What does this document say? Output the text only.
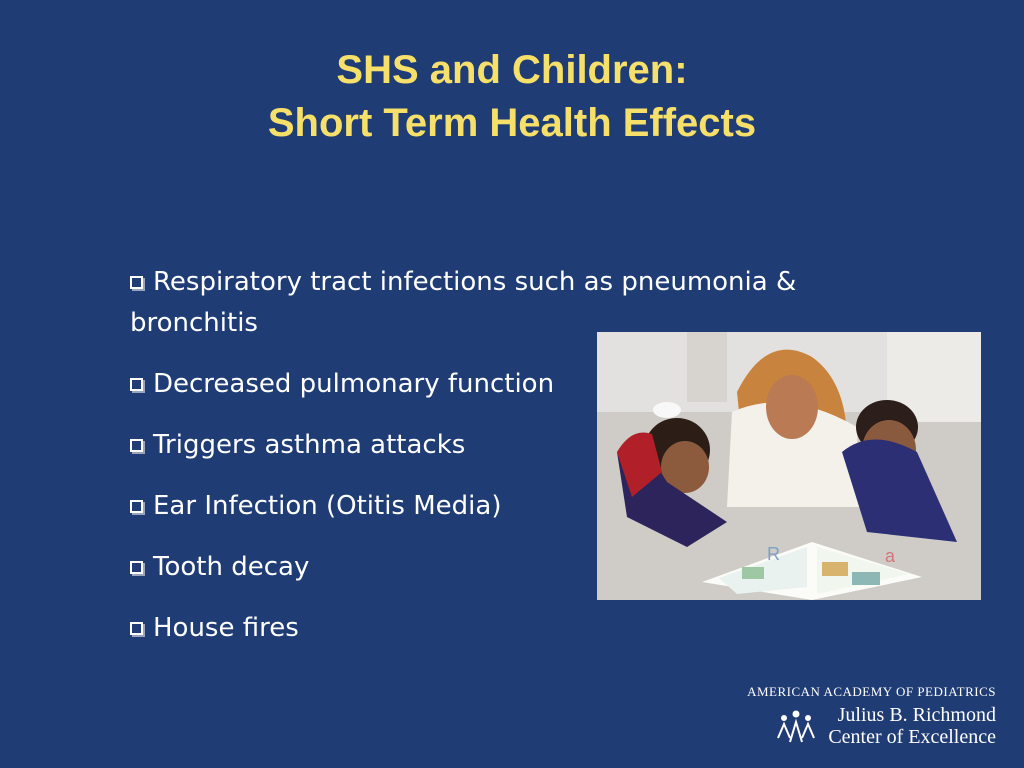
SHS and Children:
Short Term Health Effects
Respiratory tract infections such as pneumonia & bronchitis
Decreased pulmonary function
Triggers asthma attacks
Ear Infection (Otitis Media)
Tooth decay
House fires
R	a
AMERICAN ACADEMY OF PEDIATRICS
Julius B. Richmond
Center of Excellence
